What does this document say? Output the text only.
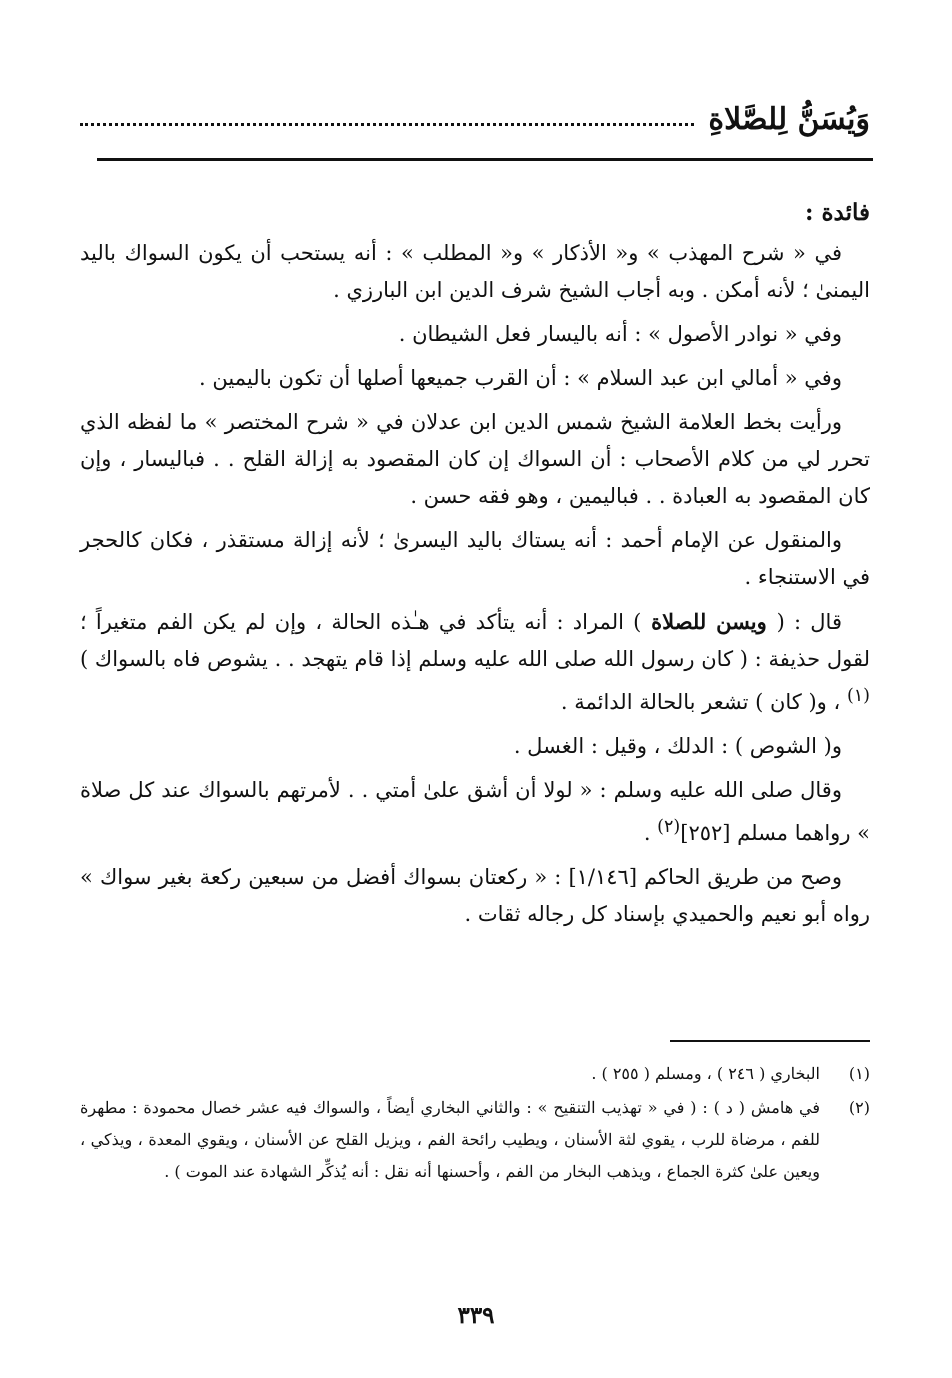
وَيُسَنُّ لِلصَّلاةِ
فائدة :

في « شرح المهذب » و« الأذكار » و« المطلب » : أنه يستحب أن يكون السواك باليد اليمنىٰ ؛ لأنه أمكن . وبه أجاب الشيخ شرف الدين ابن البارزي .

وفي « نوادر الأصول » : أنه باليسار فعل الشيطان .

وفي « أمالي ابن عبد السلام » : أن القرب جميعها أصلها أن تكون باليمين .

ورأيت بخط العلامة الشيخ شمس الدين ابن عدلان في « شرح المختصر » ما لفظه الذي تحرر لي من كلام الأصحاب : أن السواك إن كان المقصود به إزالة القلح . . فباليسار ، وإن كان المقصود به العبادة . . فباليمين ، وهو فقه حسن .

والمنقول عن الإمام أحمد : أنه يستاك باليد اليسرىٰ ؛ لأنه إزالة مستقذر ، فكان كالحجر في الاستنجاء .

قال : ( ويسن للصلاة ) المراد : أنه يتأكد في هـٰذه الحالة ، وإن لم يكن الفم متغيراً ؛ لقول حذيفة : ( كان رسول الله صلى الله عليه وسلم إذا قام يتهجد . . يشوص فاه بالسواك )$^{(١)}$ ، و( كان ) تشعر بالحالة الدائمة .

و( الشوص ) : الدلك ، وقيل : الغسل .

وقال صلى الله عليه وسلم : « لولا أن أشق علىٰ أمتي . . لأمرتهم بالسواك عند كل صلاة » رواهما مسلم [٢٥٢]$^{(٢)}$ .

وصح من طريق الحاكم [١/١٤٦] : « ركعتان بسواك أفضل من سبعين ركعة بغير سواك » رواه أبو نعيم والحميدي بإسناد كل رجاله ثقات .

(١)
البخاري ( ٢٤٦ ) ، ومسلم ( ٢٥٥ ) .
(٢)
في هامش ( د ) : ( في « تهذيب التنقيح » : والثاني البخاري أيضاً ، والسواك فيه عشر خصال محمودة : مطهرة للفم ، مرضاة للرب ، يقوي لثة الأسنان ، ويطيب رائحة الفم ، ويزيل القلح عن الأسنان ، ويقوي المعدة ، ويذكي ، ويعين علىٰ كثرة الجماع ، ويذهب البخار من الفم ، وأحسنها أنه نقل : أنه يُذكِّر الشهادة عند الموت ) .
٣٣٩
